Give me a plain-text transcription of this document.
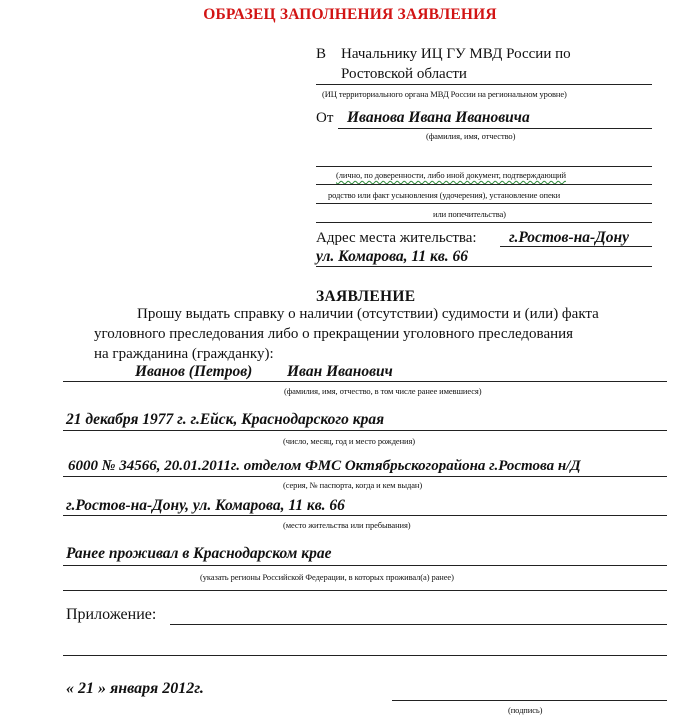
ОБРАЗЕЦ ЗАПОЛНЕНИЯ ЗАЯВЛЕНИЯ
В Начальнику ИЦ ГУ МВД России по
Ростовской области
(ИЦ территориального органа МВД России на региональном уровне)
От Иванова Ивана Ивановича
(фамилия, имя, отчество)
(лично, по доверенности, либо иной документ, подтверждающий
родство или факт усыновления (удочерения), установление опеки
или попечительства)
Адрес места жительства: г.Ростов-на-Дону
ул. Комарова, 11 кв. 66
ЗАЯВЛЕНИЕ
Прошу выдать справку о наличии (отсутствии) судимости и (или) факта
уголовного преследования либо о прекращении уголовного преследования
на гражданина (гражданку):
Иванов (Петров) Иван Иванович
(фамилия, имя, отчество, в том числе ранее имевшиеся)
21 декабря 1977 г. г.Ейск, Краснодарского края
(число, месяц, год и место рождения)
6000 № 34566, 20.01.2011г. отделом ФМС Октябрьскогорайона г.Ростова н/Д
(серия, № паспорта, когда и кем выдан)
г.Ростов-на-Дону, ул. Комарова, 11 кв. 66
(место жительства или пребывания)
Ранее проживал в Краснодарском крае
(указать регионы Российской Федерации, в которых проживал(а) ранее)
Приложение:
« 21 » января 2012г.
(подпись)
